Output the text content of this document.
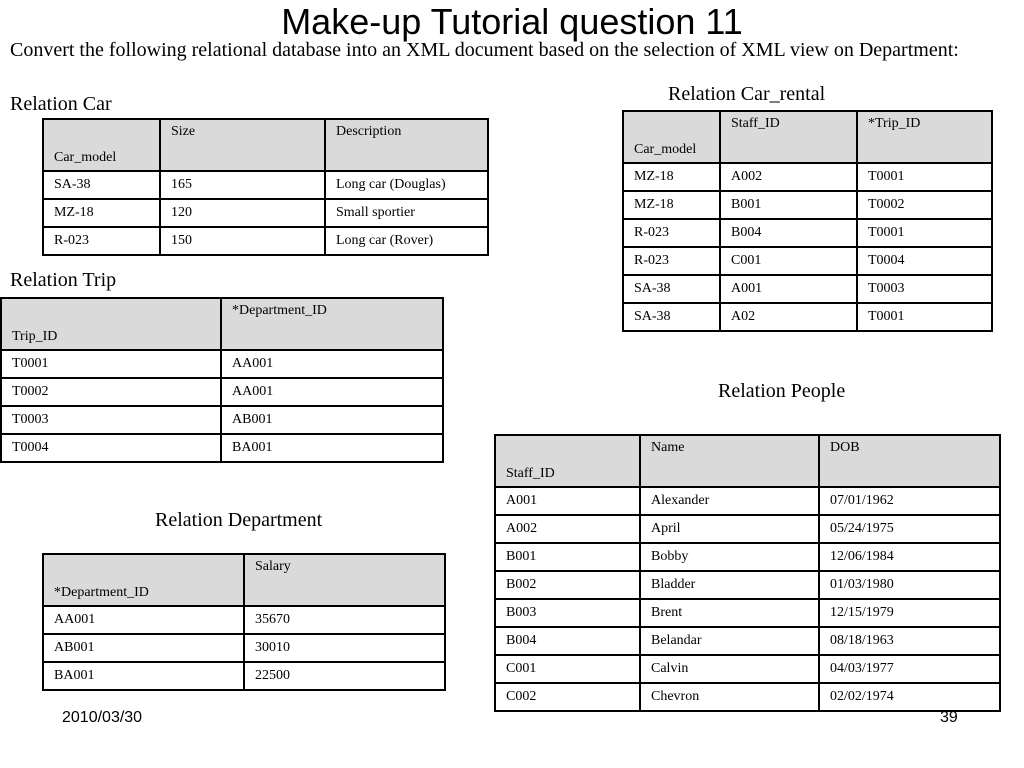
Make-up Tutorial question 11
Convert the following relational database into an XML document based on the selection of XML view on Department:
Relation Car
Car_model	Size	Description
SA-38	165	Long car (Douglas)
MZ-18	120	Small sportier
R-023	150	Long car (Rover)
Relation Car_rental
Car_model	Staff_ID	*Trip_ID
MZ-18	A002	T0001
MZ-18	B001	T0002
R-023	B004	T0001
R-023	C001	T0004
SA-38	A001	T0003
SA-38	A02	T0001
Relation Trip
Trip_ID	*Department_ID
T0001	AA001
T0002	AA001
T0003	AB001
T0004	BA001
Relation People
Staff_ID	Name	DOB
A001	Alexander	07/01/1962
A002	April	05/24/1975
B001	Bobby	12/06/1984
B002	Bladder	01/03/1980
B003	Brent	12/15/1979
B004	Belandar	08/18/1963
C001	Calvin	04/03/1977
C002	Chevron	02/02/1974
Relation Department
*Department_ID	Salary
AA001	35670
AB001	30010
BA001	22500
2010/03/30	39
